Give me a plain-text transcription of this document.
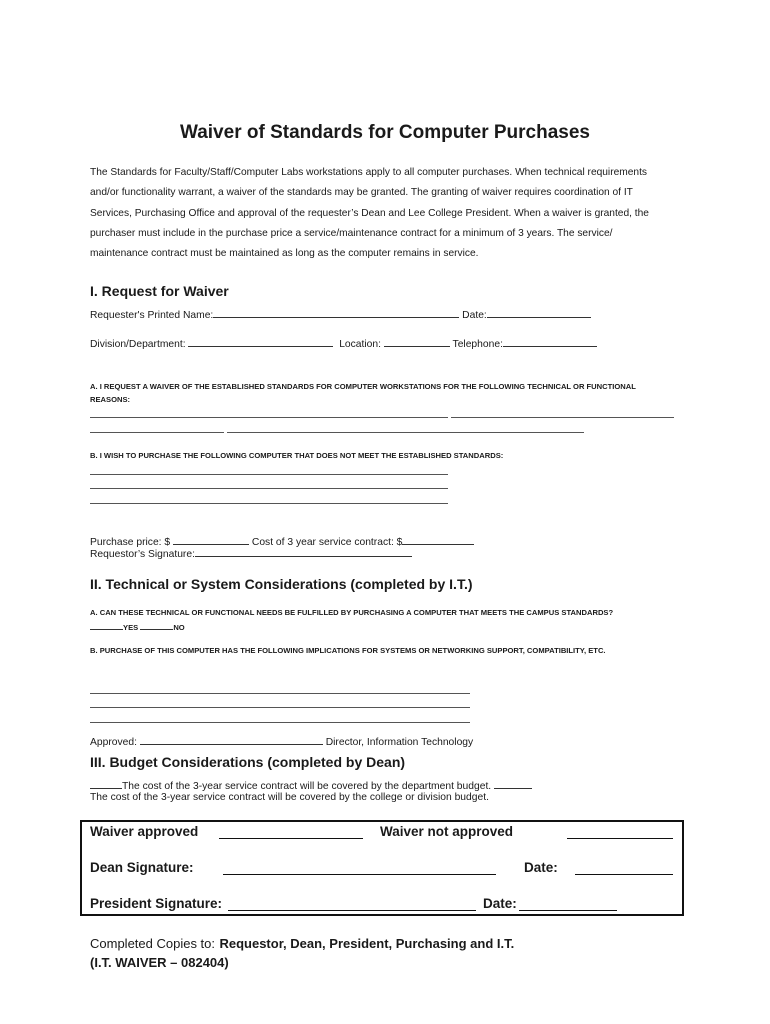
Waiver of Standards for Computer Purchases

The Standards for Faculty/Staff/Computer Labs workstations apply to all computer purchases. When technical requirements

and/or functionality warrant, a waiver of the standards may be granted. The granting of waiver requires coordination of IT

Services, Purchasing Office and approval of the requester’s Dean and Lee College President. When a waiver is granted, the

purchaser must include in the purchase price a service/maintenance contract for a minimum of 3 years. The service/

maintenance contract must be maintained as long as the computer remains in service.

I. Request for Waiver
Requester's Printed Name:	Date:
Division/Department:	Location:	Telephone:
A. I REQUEST A WAIVER OF THE ESTABLISHED STANDARDS FOR COMPUTER WORKSTATIONS FOR THE FOLLOWING TECHNICAL OR FUNCTIONAL
REASONS:
B. I WISH TO PURCHASE THE FOLLOWING COMPUTER THAT DOES NOT MEET THE ESTABLISHED STANDARDS:
Purchase price: $	Cost of 3 year service contract: $
Requestor’s Signature:
II. Technical or System Considerations (completed by I.T.)
A. CAN THESE TECHNICAL OR FUNCTIONAL NEEDS BE FULFILLED BY PURCHASING A COMPUTER THAT MEETS THE CAMPUS STANDARDS?
YES	NO
B. PURCHASE OF THIS COMPUTER HAS THE FOLLOWING IMPLICATIONS FOR SYSTEMS OR NETWORKING SUPPORT, COMPATIBILITY, ETC.
Approved:	Director, Information Technology
III. Budget Considerations (completed by Dean)
The cost of the 3-year service contract will be covered by the department budget.
The cost of the 3-year service contract will be covered by the college or division budget.
Waiver approved	Waiver not approved
Dean Signature:	Date:
President Signature:	Date:
Completed Copies to: Requestor, Dean, President, Purchasing and I.T.
(I.T. WAIVER – 082404)
